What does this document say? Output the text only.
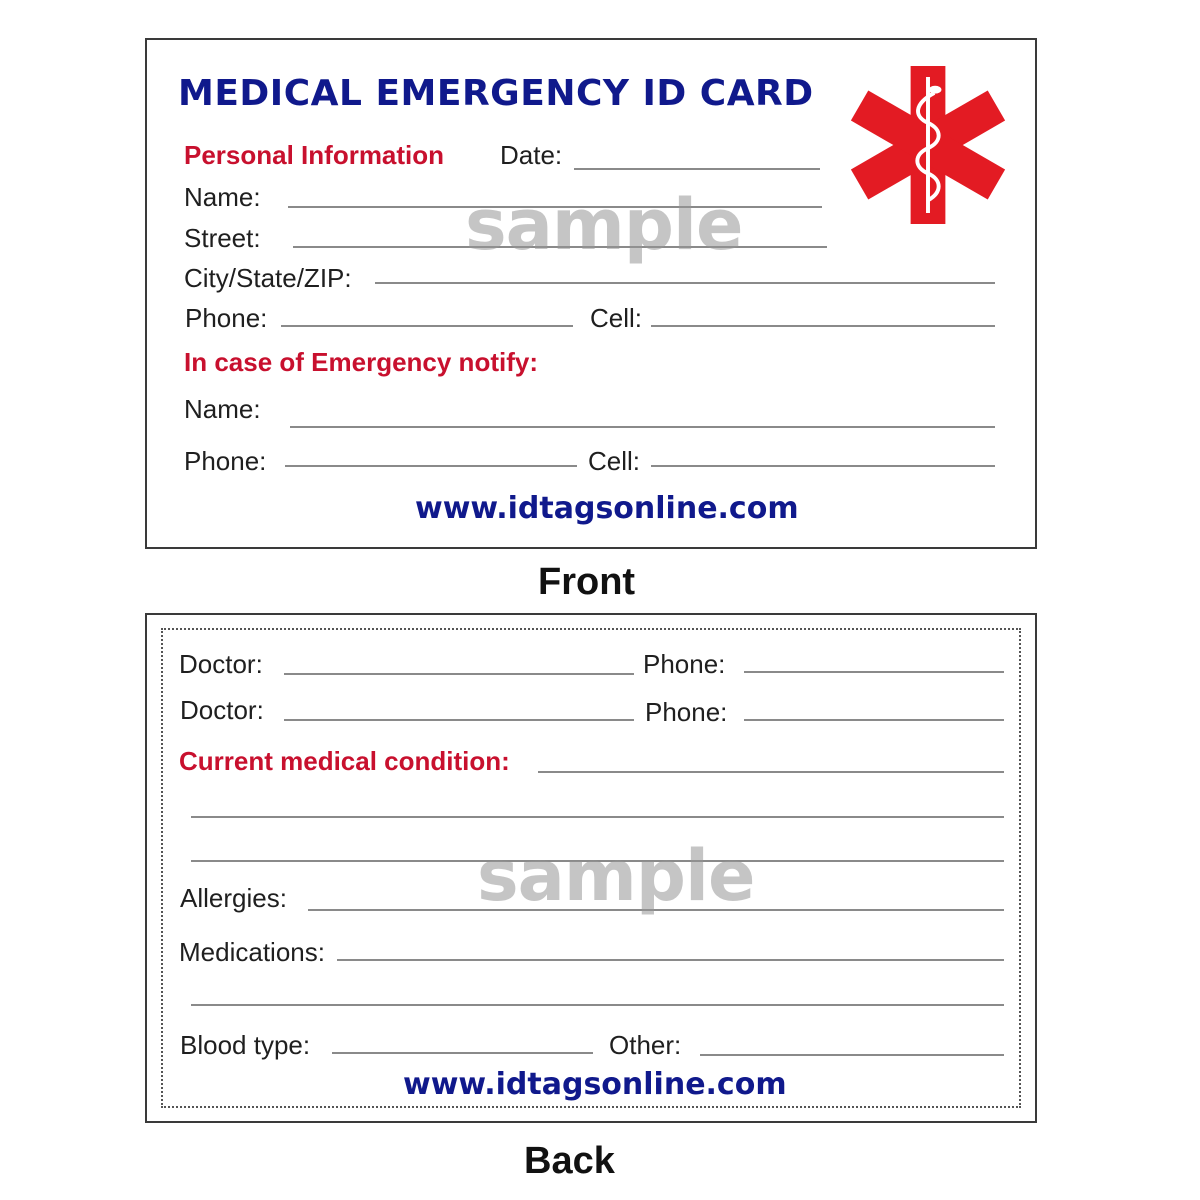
MEDICAL EMERGENCY ID CARD
Personal Information Date:
Name:
Street:
City/State/ZIP:
Phone:	Cell:
In case of Emergency notify:
Name:
Phone:	Cell:
www.idtagsonline.com
sample
Front
Doctor:	Phone:
Doctor:	Phone:
Current medical condition:
Allergies:
Medications:
Blood type:	Other:
www.idtagsonline.com
sample
Back
